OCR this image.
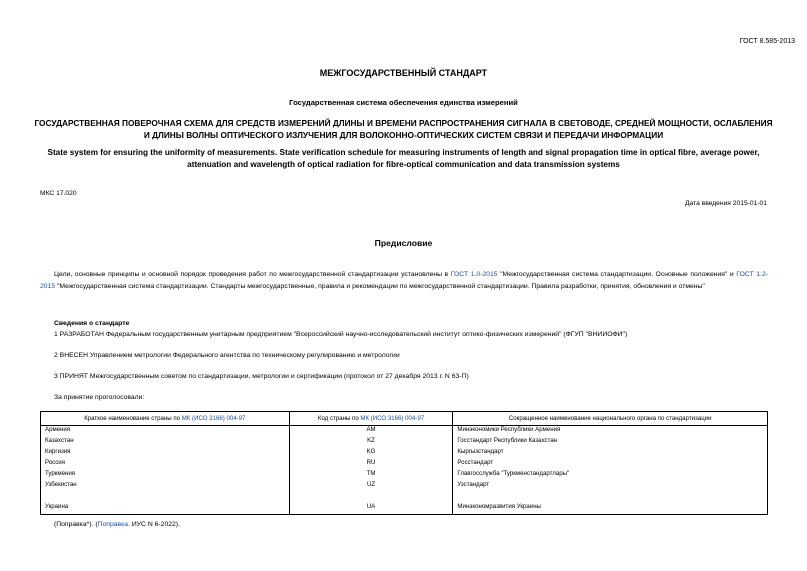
ГОСТ 8.585-2013
МЕЖГОСУДАРСТВЕННЫЙ СТАНДАРТ
Государственная система обеспечения единства измерений
ГОСУДАРСТВЕННАЯ ПОВЕРОЧНАЯ СХЕМА ДЛЯ СРЕДСТВ ИЗМЕРЕНИЙ ДЛИНЫ И ВРЕМЕНИ РАСПРОСТРАНЕНИЯ СИГНАЛА В СВЕТОВОДЕ, СРЕДНЕЙ МОЩНОСТИ, ОСЛАБЛЕНИЯ И ДЛИНЫ ВОЛНЫ ОПТИЧЕСКОГО ИЗЛУЧЕНИЯ ДЛЯ ВОЛОКОННО-ОПТИЧЕСКИХ СИСТЕМ СВЯЗИ И ПЕРЕДАЧИ ИНФОРМАЦИИ
State system for ensuring the uniformity of measurements. State verification schedule for measuring instruments of length and signal propagation time in optical fibre, average power, attenuation and wavelength of optical radiation for fibre-optical communication and data transmission systems
МКС 17.020
Дата введения 2015-01-01
Предисловие
Цели, основные принципы и основной порядок проведения работ по межгосударственной стандартизации установлены в ГОСТ 1.0-2015 "Межгосударственная система стандартизации. Основные положения" и ГОСТ 1.2-2015 "Межгосударственная система стандартизации. Стандарты межгосударственные, правила и рекомендации по межгосударственной стандартизации. Правила разработки, принятия, обновления и отмены"
Сведения о стандарте
1 РАЗРАБОТАН Федеральным государственным унитарным предприятием "Всероссийский научно-исследовательский институт оптико-физических измерений" (ФГУП "ВНИИОФИ")
2 ВНЕСЕН Управлением метрологии Федерального агентства по техническому регулированию и метрологии
3 ПРИНЯТ Межгосударственным советом по стандартизации, метрологии и сертификации (протокол от 27 декабря 2013 г. N 63-П)
За принятие проголосовали:
Краткое наименование страны по МК (ИСО 3166) 004-97	Код страны по МК (ИСО 3166) 004-97	Сокращенное наименование национального органа по стандартизации
Армения	AM	Минэкономики Республики Армения
Казахстан	KZ	Госстандарт Республики Казахстан
Киргизия	KG	Кыргызстандарт
Россия	RU	Росстандарт
Туркмения	TM	Главгосслужба "Туркменстандартлары"
Узбекистан	UZ	Узстандарт

Украина	UA	Минэкономразвития Украины
(Поправка*). (Поправка. ИУС N 6-2022).
